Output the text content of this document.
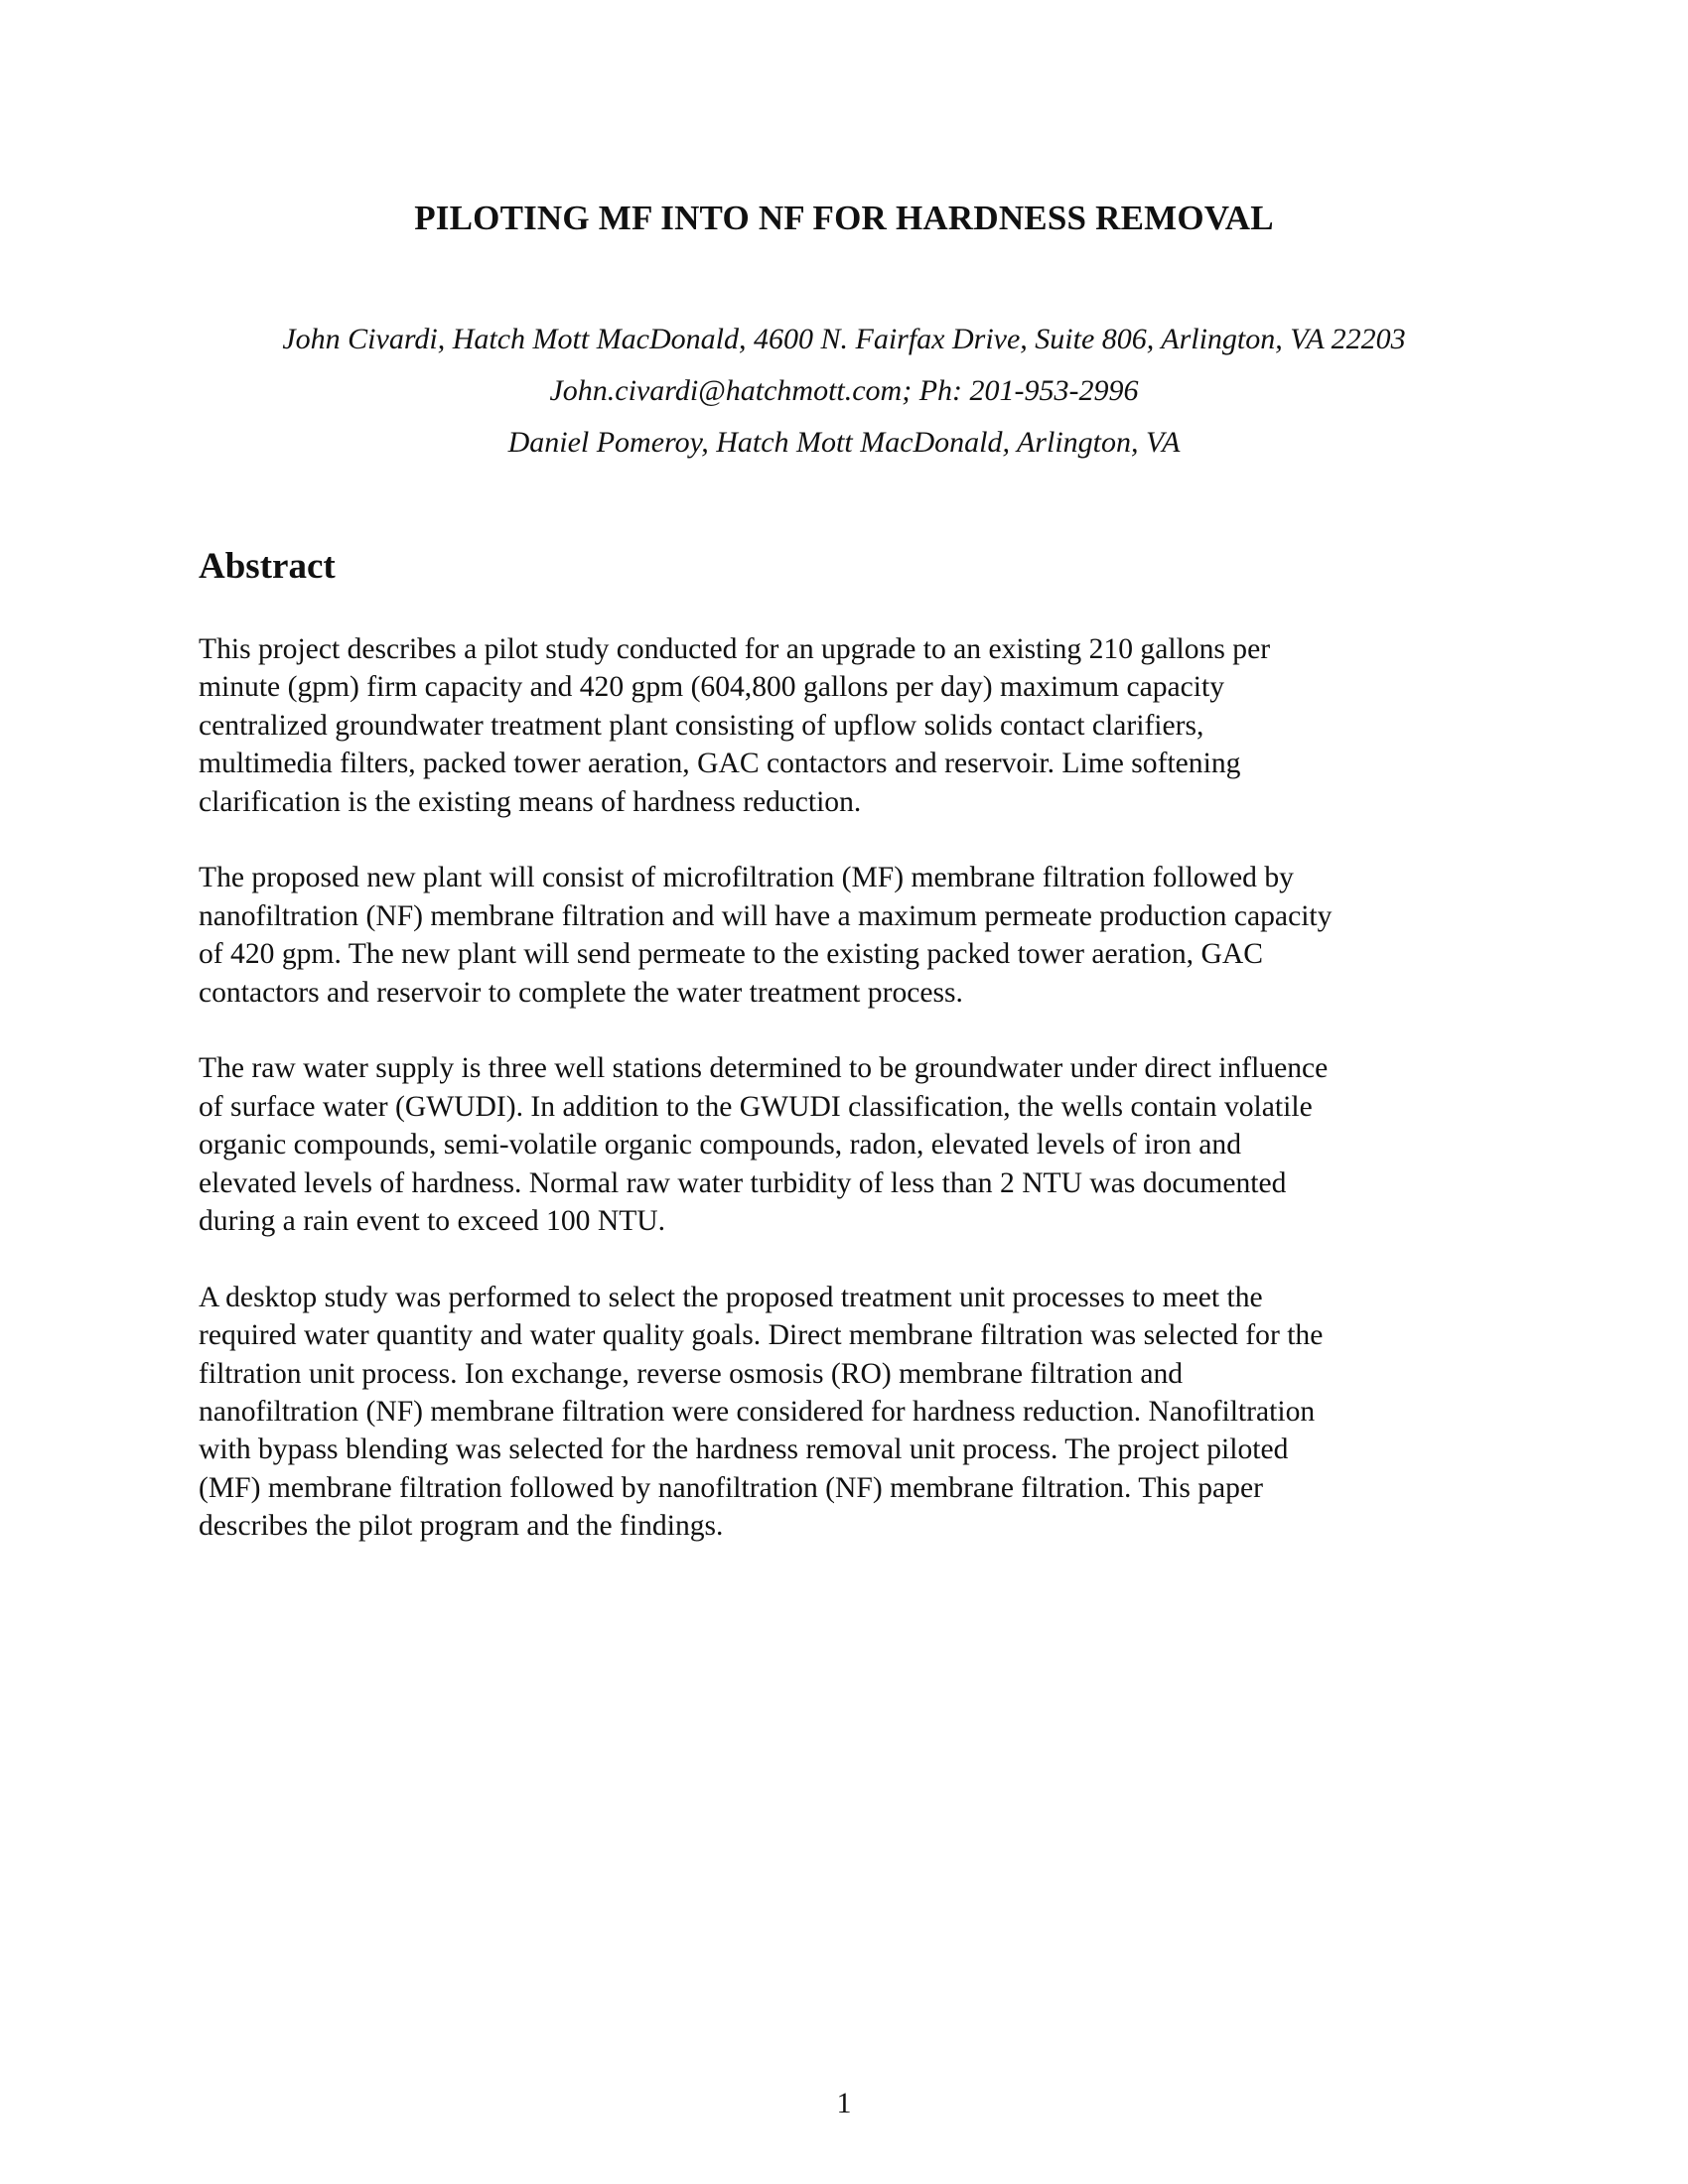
PILOTING MF INTO NF FOR HARDNESS REMOVAL
John Civardi, Hatch Mott MacDonald, 4600 N. Fairfax Drive, Suite 806, Arlington, VA 22203
John.civardi@hatchmott.com; Ph: 201-953-2996
Daniel Pomeroy, Hatch Mott MacDonald, Arlington, VA
Abstract

This project describes a pilot study conducted for an upgrade to an existing 210 gallons per
minute (gpm) firm capacity and 420 gpm (604,800 gallons per day) maximum capacity
centralized groundwater treatment plant consisting of upflow solids contact clarifiers,
multimedia filters, packed tower aeration, GAC contactors and reservoir. Lime softening
clarification is the existing means of hardness reduction.

The proposed new plant will consist of microfiltration (MF) membrane filtration followed by
nanofiltration (NF) membrane filtration and will have a maximum permeate production capacity
of 420 gpm. The new plant will send permeate to the existing packed tower aeration, GAC
contactors and reservoir to complete the water treatment process.

The raw water supply is three well stations determined to be groundwater under direct influence
of surface water (GWUDI). In addition to the GWUDI classification, the wells contain volatile
organic compounds, semi-volatile organic compounds, radon, elevated levels of iron and
elevated levels of hardness. Normal raw water turbidity of less than 2 NTU was documented
during a rain event to exceed 100 NTU.

A desktop study was performed to select the proposed treatment unit processes to meet the
required water quantity and water quality goals. Direct membrane filtration was selected for the
filtration unit process. Ion exchange, reverse osmosis (RO) membrane filtration and
nanofiltration (NF) membrane filtration were considered for hardness reduction. Nanofiltration
with bypass blending was selected for the hardness removal unit process. The project piloted
(MF) membrane filtration followed by nanofiltration (NF) membrane filtration. This paper
describes the pilot program and the findings.

1
